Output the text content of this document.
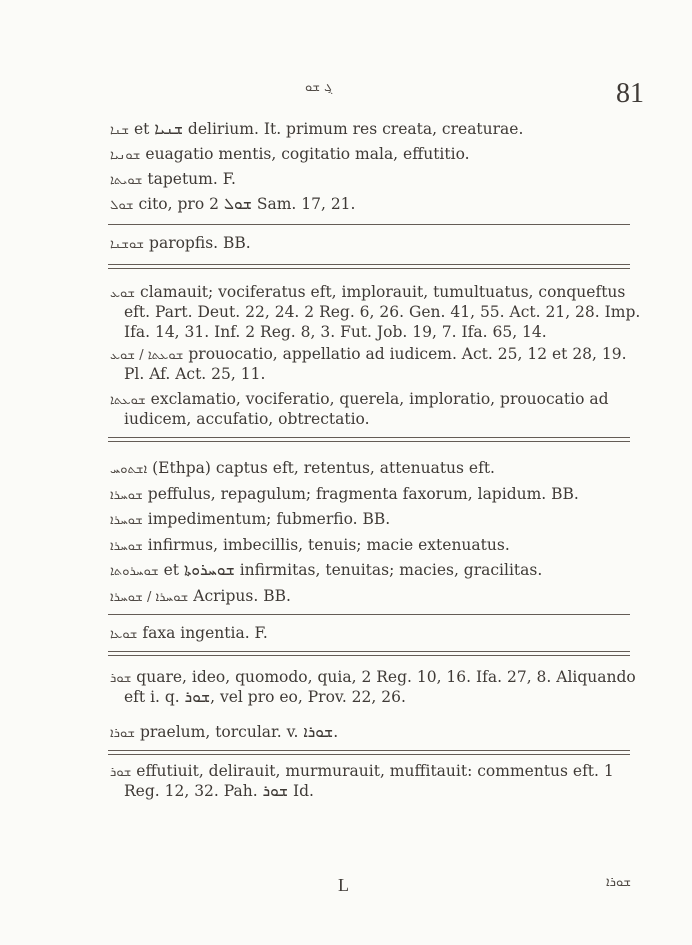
ܓ݂ ܫܘ	81
ܫܢܐ et ܫܢܝܐ delirium. It. primum res creata, creaturae.
ܫܘܢܝܐ euagatio mentis, cogitatio mala, effutitio.
ܫܘܝܬܐ tapetum. F.
ܫܘܠ cito, pro ܫܘܠ 2 Sam. 17, 21.
ܫܘܫܢܐ paropfis. BB.
ܫܘܥ clamauit; vociferatus eft, implorauit, tumultuatus, conqueftus
eft. Part. Deut. 22, 24. 2 Reg. 6, 26. Gen. 41, 55. Act. 21, 28. Imp.
Ifa. 14, 31. Inf. 2 Reg. 8, 3. Fut. Job. 19, 7. Ifa. 65, 14.
ܫܘܥܬܐ / ܫܘܥ prouocatio, appellatio ad iudicem. Act. 25, 12 et 28, 19.
Pl. Af. Act. 25, 11.
ܫܘܥܬܐ exclamatio, vociferatio, querela, imploratio, prouocatio ad
iudicem, accufatio, obtrectatio.
ܐܫܬܘܚ (Ethpa) captus eft, retentus, attenuatus eft.
ܫܘܚܪܐ peffulus, repagulum; fragmenta faxorum, lapidum. BB.
ܫܘܚܪܐ impedimentum; fubmerfio. BB.
ܫܘܚܪܐ infirmus, imbecillis, tenuis; macie extenuatus.
ܫܘܚܪܘܬܐ et ܫܘܚܪܘܬܐ infirmitas, tenuitas; macies, gracilitas.
ܫܘܚܪܐ / ܫܘܚܪܐ Acripus. BB.
ܫܘܥܐ faxa ingentia. F.
ܫܘܪ quare, ideo, quomodo, quia, 2 Reg. 10, 16. Ifa. 27, 8. Aliquando
eft i. q. ܫܘܪ, vel pro eo, Prov. 22, 26.
ܫܘܪܐ praelum, torcular. v. ܫܘܪܐ.
ܫܘܪ effutiuit, delirauit, murmurauit, muffitauit: commentus eft. 1
Reg. 12, 32. Pah. ܫܘܪ Id.
L	ܫܘܪܐ
